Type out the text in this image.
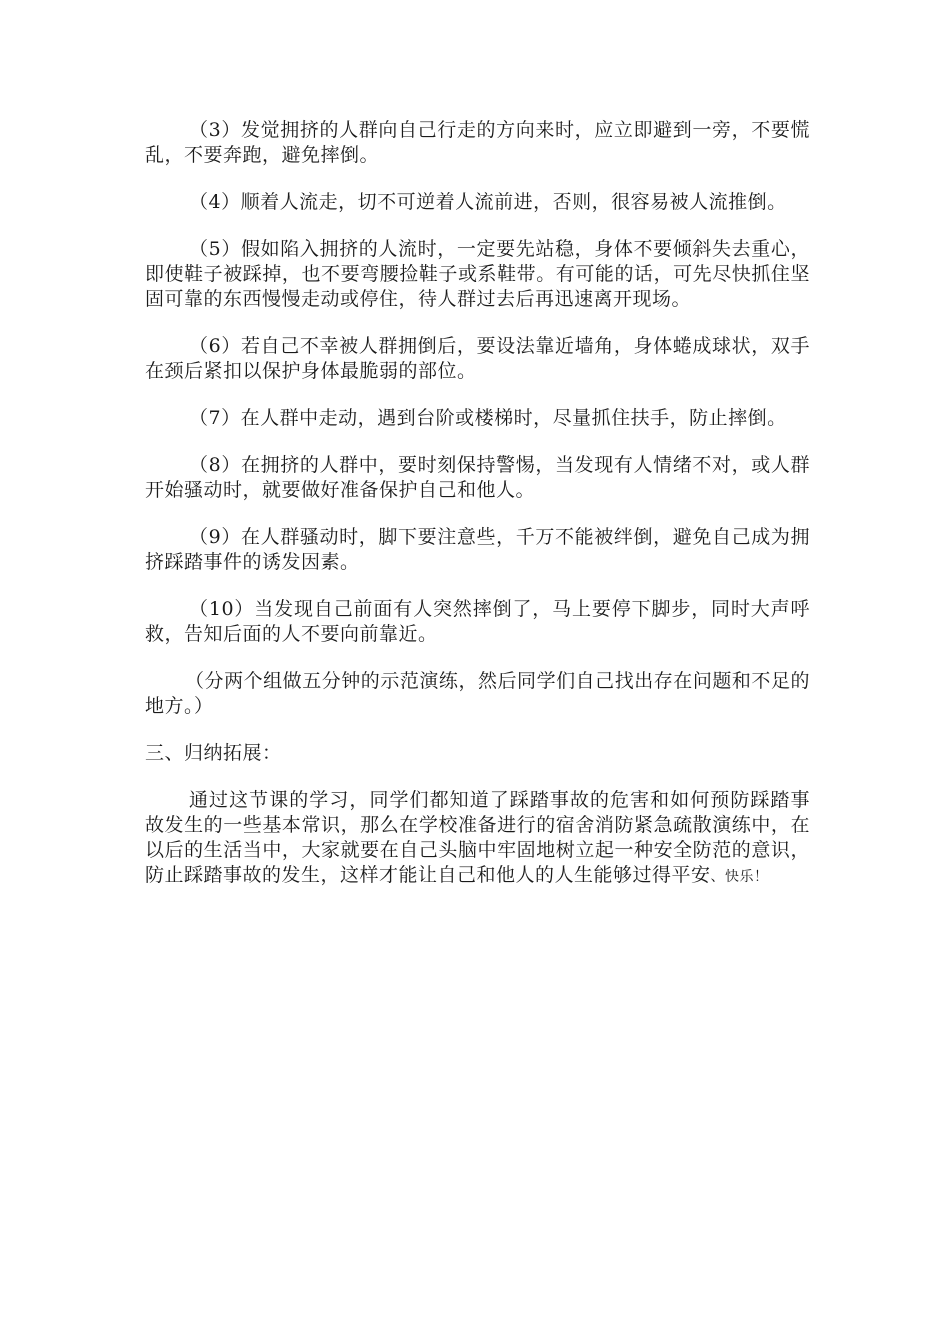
（3）发觉拥挤的人群向自己行走的方向来时，应立即避到一旁，不要慌乱，不要奔跑，避免摔倒。

（4）顺着人流走，切不可逆着人流前进，否则，很容易被人流推倒。

（5）假如陷入拥挤的人流时，一定要先站稳，身体不要倾斜失去重心，即使鞋子被踩掉，也不要弯腰捡鞋子或系鞋带。有可能的话，可先尽快抓住坚固可靠的东西慢慢走动或停住，待人群过去后再迅速离开现场。

（6）若自己不幸被人群拥倒后，要设法靠近墙角，身体蜷成球状，双手在颈后紧扣以保护身体最脆弱的部位。

（7）在人群中走动，遇到台阶或楼梯时，尽量抓住扶手，防止摔倒。

（8）在拥挤的人群中，要时刻保持警惕，当发现有人情绪不对，或人群开始骚动时，就要做好准备保护自己和他人。

（9）在人群骚动时，脚下要注意些，千万不能被绊倒，避免自己成为拥挤踩踏事件的诱发因素。

（10）当发现自己前面有人突然摔倒了，马上要停下脚步，同时大声呼救，告知后面的人不要向前靠近。

（分两个组做五分钟的示范演练，然后同学们自己找出存在问题和不足的地方。）

三、归纳拓展：

通过这节课的学习，同学们都知道了踩踏事故的危害和如何预防踩踏事故发生的一些基本常识，那么在学校准备进行的宿舍消防紧急疏散演练中，在以后的生活当中，大家就要在自己头脑中牢固地树立起一种安全防范的意识，防止踩踏事故的发生，这样才能让自己和他人的人生能够过得平安、快乐！
